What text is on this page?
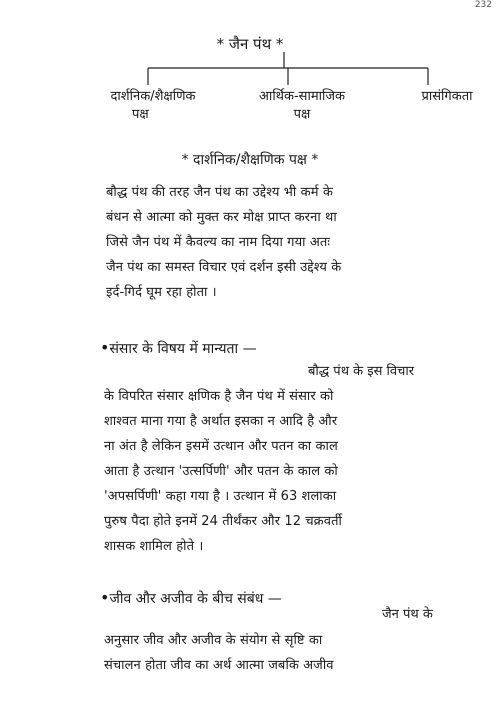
232
* जैन पंथ *
दार्शनिक/शैक्षणिक
पक्ष
आर्थिक-सामाजिक
पक्ष
प्रासंगिकता
* दार्शनिक/शैक्षणिक पक्ष *
बौद्ध पंथ की तरह जैन पंथ का उद्देश्य भी कर्म के
बंधन से आत्मा को मुक्त कर मोक्ष प्राप्त करना था
जिसे जैन पंथ में कैवल्य का नाम दिया गया अतः
जैन पंथ का समस्त विचार एवं दर्शन इसी उद्देश्य के
इर्द-गिर्द घूम रहा होता ।
•संसार के विषय में मान्यता —
बौद्ध पंथ के इस विचार
के विपरित संसार क्षणिक है जैन पंथ में संसार को
शाश्वत माना गया है अर्थात इसका न आदि है और
ना अंत है लेकिन इसमें उत्थान और पतन का काल
आता है उत्थान 'उत्सर्पिणी' और पतन के काल को
'अपसर्पिणी' कहा गया है । उत्थान में 63 शलाका
पुरुष पैदा होते इनमें 24 तीर्थंकर और 12 चक्रवर्ती
शासक शामिल होते ।
•जीव और अजीव के बीच संबंध —
जैन पंथ के
अनुसार जीव और अजीव के संयोग से सृष्टि का
संचालन होता जीव का अर्थ आत्मा जबकि अजीव
